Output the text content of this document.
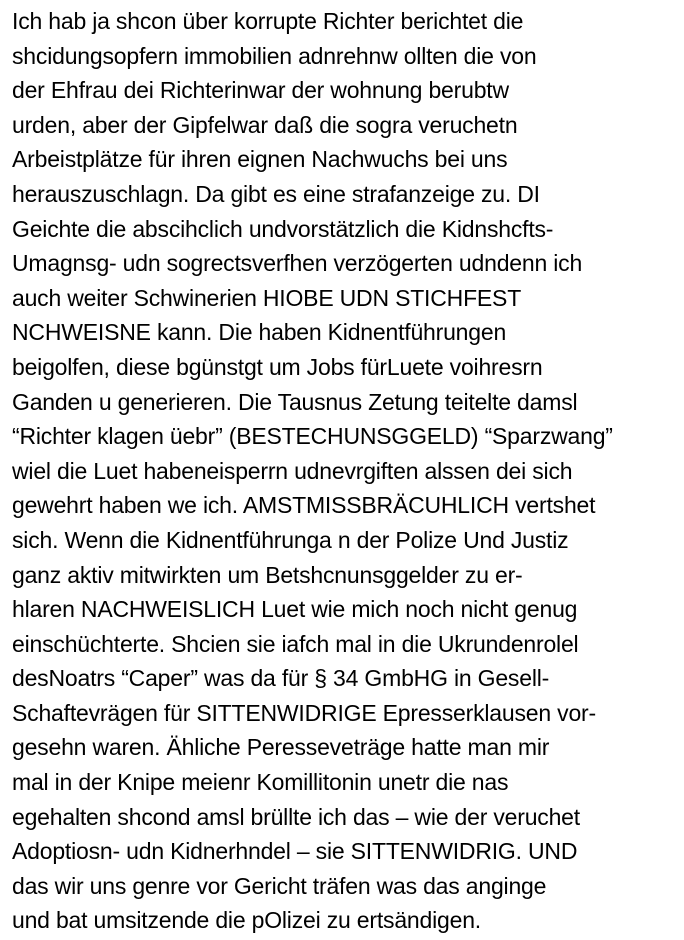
Ich hab ja shcon über korrupte Richter berichtet die
shcidungsopfern immobilien adnrehnw ollten die von
der Ehfrau dei Richterinwar der wohnung berubtw
urden, aber der Gipfelwar daß die sogra veruchetn
Arbeistplätze für ihren eignen Nachwuchs bei uns
herauszuschlagn. Da gibt es eine strafanzeige zu. DI
Geichte die abscihclich undvorstätzlich die Kidnshcfts-
Umagnsg- udn sogrectsverfhen verzögerten udndenn ich
auch weiter Schwinerien HIOBE UDN STICHFEST
NCHWEISNE kann. Die haben Kidnentführungen
beigolfen, diese bgünstgt um Jobs fürLuete voihresrn
Ganden u generieren. Die Tausnus Zetung teitelte damsl
“Richter klagen üebr” (BESTECHUNSGGELD) “Sparzwang”
wiel die Luet habeneisperrn udnevrgiften alssen dei sich
gewehrt haben we ich. AMSTMISSBRÄCUHLICH vertshet
sich. Wenn die Kidnentführunga n der Polize Und Justiz
ganz aktiv mitwirkten um Betshcnunsggelder zu er-
hlaren NACHWEISLICH Luet wie mich noch nicht genug
einschüchterte. Shcien sie iafch mal in die Ukrundenrolel
desNoatrs “Caper” was da für § 34 GmbHG in Gesell-
Schaftevrägen für SITTENWIDRIGE Epresserklausen vor-
gesehn waren. Ähliche Peresseveträge hatte man mir
mal in der Knipe meienr Komillitonin unetr die nas
egehalten shcond amsl brüllte ich das – wie der veruchet
Adoptiosn- udn Kidnerhndel – sie SITTENWIDRIG. UND
das wir uns genre vor Gericht träfen was das anginge
und bat umsitzende die pOlizei zu ertsändigen.
